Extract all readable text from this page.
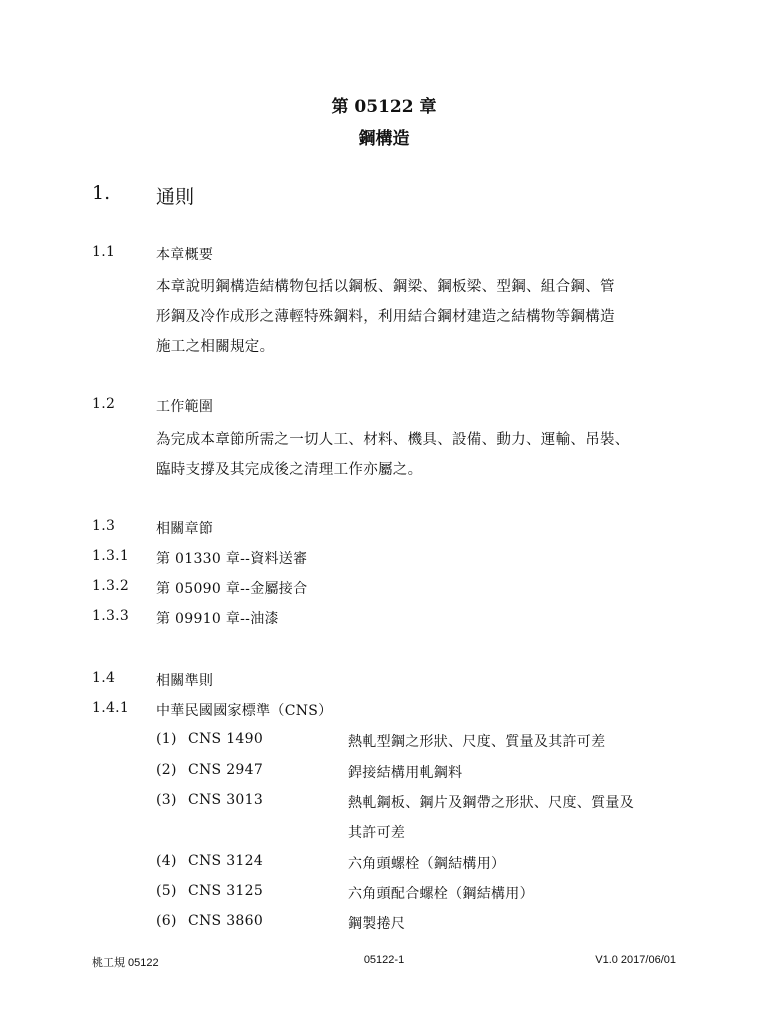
第 05122 章
鋼構造
1. 通則
1.1	本章概要
本章說明鋼構造結構物包括以鋼板、鋼梁、鋼板梁、型鋼、組合鋼、管
形鋼及冷作成形之薄輕特殊鋼料，利用結合鋼材建造之結構物等鋼構造
施工之相關規定。
1.2	工作範圍
為完成本章節所需之一切人工、材料、機具、設備、動力、運輸、吊裝、
臨時支撐及其完成後之清理工作亦屬之。
1.3	相關章節
1.3.1 第 01330 章--資料送審
1.3.2 第 05090 章--金屬接合
1.3.3 第 09910 章--油漆
1.4	相關準則
1.4.1 中華民國國家標準（CNS）
(1) CNS 1490	熱軋型鋼之形狀、尺度、質量及其許可差
(2) CNS 2947	銲接結構用軋鋼料
(3) CNS 3013	熱軋鋼板、鋼片及鋼帶之形狀、尺度、質量及
其許可差
(4) CNS 3124	六角頭螺栓（鋼結構用）
(5) CNS 3125	六角頭配合螺栓（鋼結構用）
(6) CNS 3860	鋼製捲尺
桃工規 05122	05122-1	V1.0 2017/06/01
